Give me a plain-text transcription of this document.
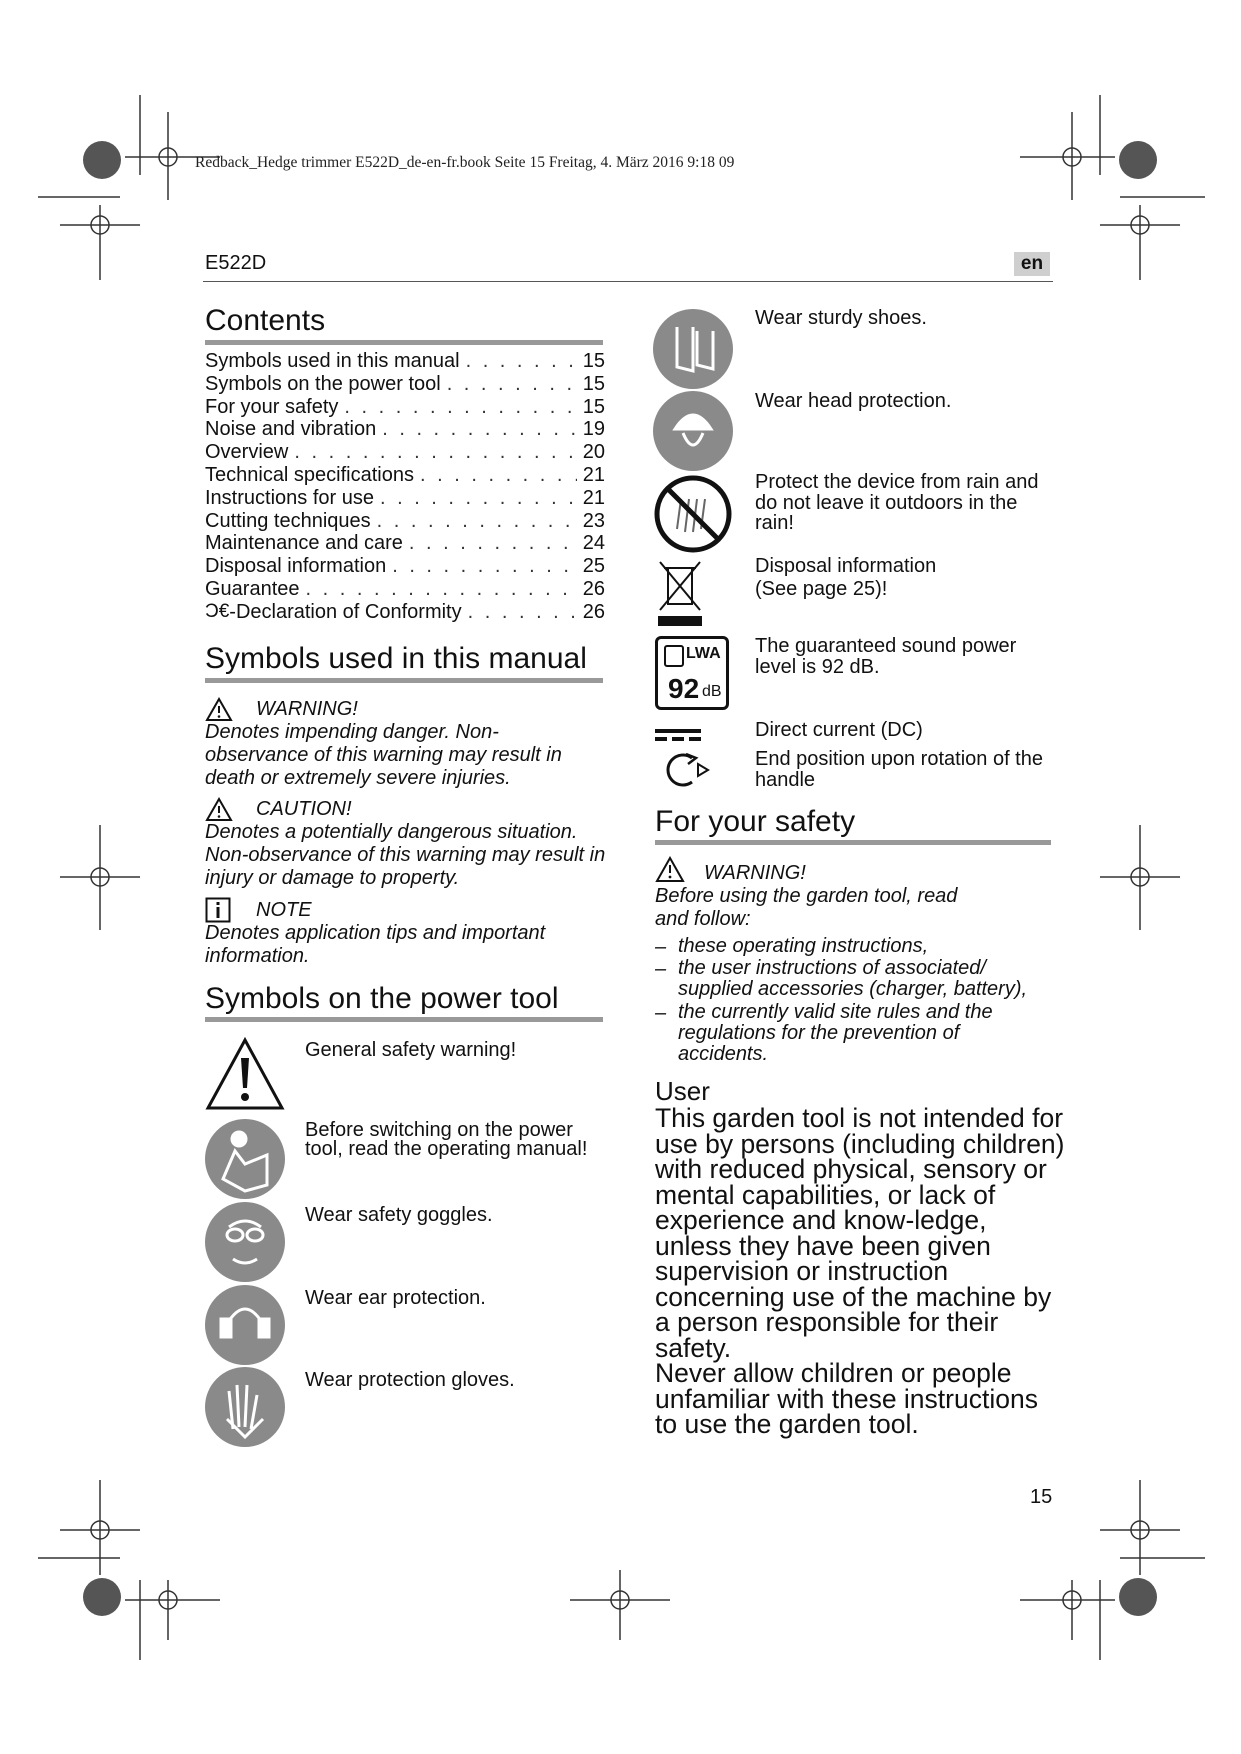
Redback_Hedge trimmer E522D_de-en-fr.book Seite 15 Freitag, 4. März 2016 9:18 09
E522D	en
Contents
Symbols used in this manual . . .	15
Symbols on the power tool . . .	15
For your safety . . .	15
Noise and vibration . . .	19
Overview . . .	20
Technical specifications . . .	21
Instructions for use . . .	21
Cutting techniques . . .	23
Maintenance and care . . .	24
Disposal information . . .	25
Guarantee . . .	26
Ɔ€ -Declaration of Conformity . . .	26
Symbols used in this manual
WARNING!
Denotes impending danger. Non-observance of this warning may result in death or extremely severe injuries.
CAUTION!
Denotes a potentially dangerous situation. Non-observance of this warning may result in injury or damage to property.
NOTE
Denotes application tips and important information.
Symbols on the power tool
General safety warning!
Before switching on the power tool, read the operating manual!
Wear safety goggles.
Wear ear protection.
Wear protection gloves.
LWA
92 dB
Wear sturdy shoes.
Wear head protection.
Protect the device from rain and do not leave it outdoors in the rain!
Disposal information (See page 25)!
The guaranteed sound power level is 92 dB.
Direct current (DC)
End position upon rotation of the handle
For your safety
WARNING!
Before using the garden tool, read and follow:
– these operating instructions,
– the user instructions of associated/ supplied accessories (charger, battery),
– the currently valid site rules and the regulations for the prevention of accidents.
User
This garden tool is not intended for use by persons (including children) with reduced physical, sensory or mental capabilities, or lack of experience and know-ledge, unless they have been given supervision or instruction concerning use of the machine by a person responsible for their safety.
Never allow children or people unfamiliar with these instructions to use the garden tool.
15
